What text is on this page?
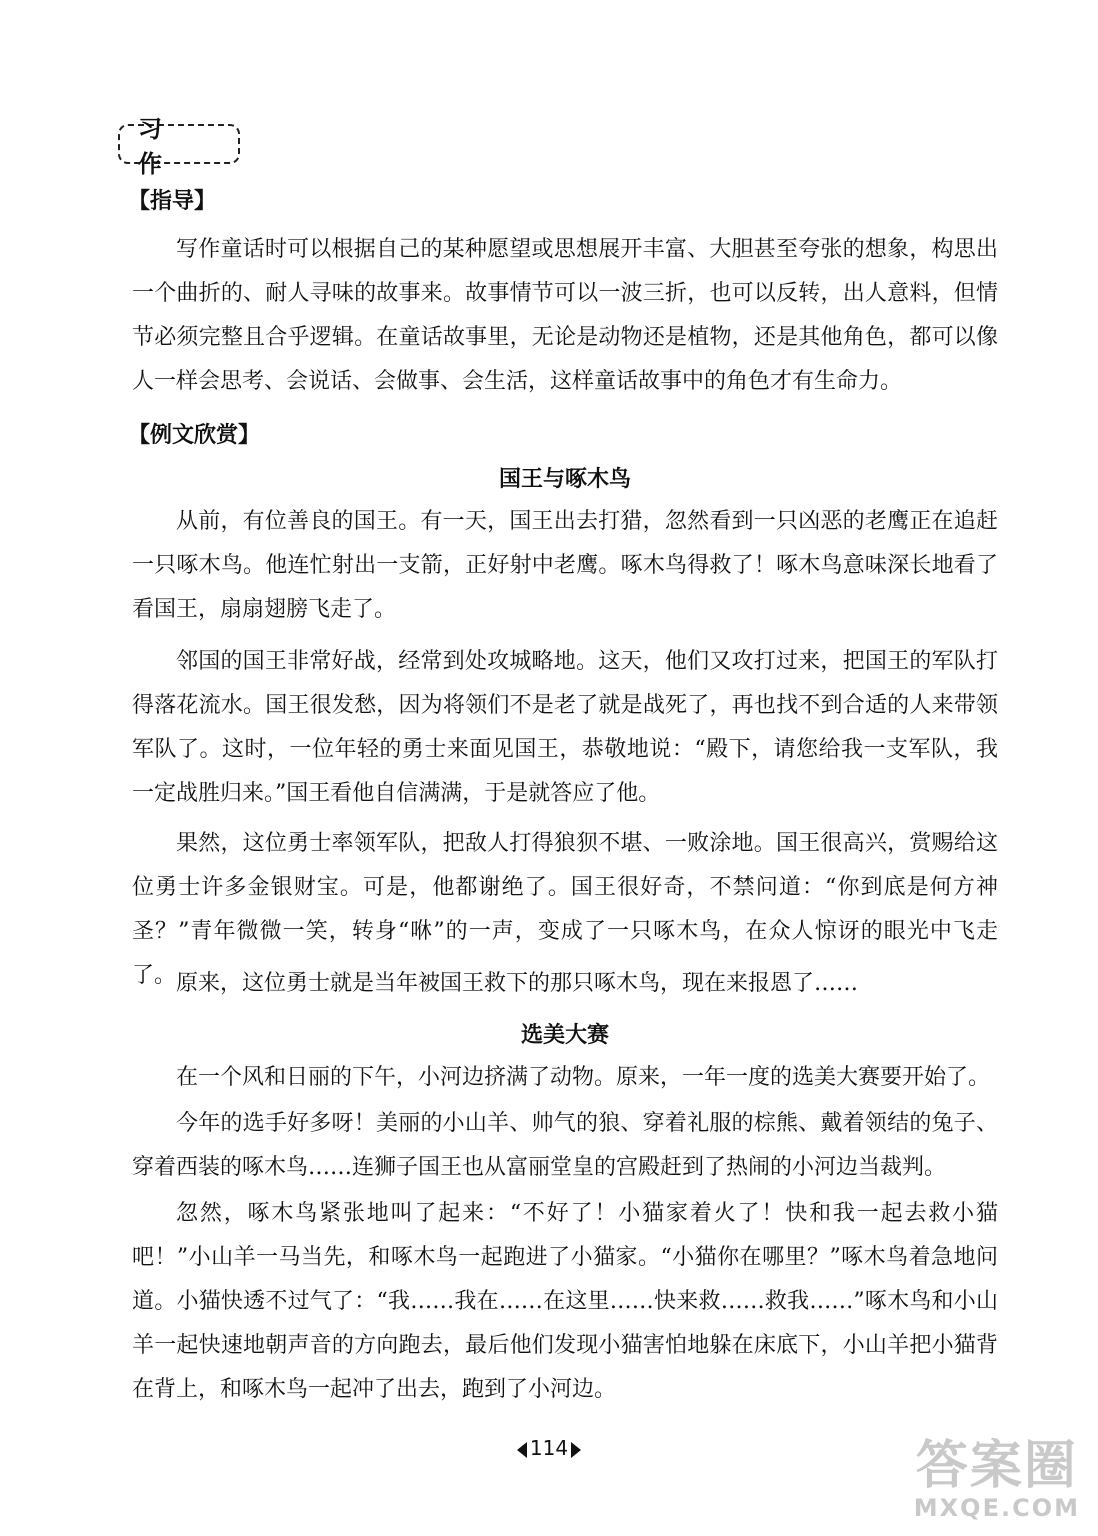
习 作
【指导】

写作童话时可以根据自己的某种愿望或思想展开丰富、大胆甚至夸张的想象，构思出一个曲折的、耐人寻味的故事来。故事情节可以一波三折，也可以反转，出人意料，但情节必须完整且合乎逻辑。在童话故事里，无论是动物还是植物，还是其他角色，都可以像人一样会思考、会说话、会做事、会生活，这样童话故事中的角色才有生命力。

【例文欣赏】
国王与啄木鸟

从前，有位善良的国王。有一天，国王出去打猎，忽然看到一只凶恶的老鹰正在追赶一只啄木鸟。他连忙射出一支箭，正好射中老鹰。啄木鸟得救了！啄木鸟意味深长地看了看国王，扇扇翅膀飞走了。

邻国的国王非常好战，经常到处攻城略地。这天，他们又攻打过来，把国王的军队打得落花流水。国王很发愁，因为将领们不是老了就是战死了，再也找不到合适的人来带领军队了。这时，一位年轻的勇士来面见国王，恭敬地说：“殿下，请您给我一支军队，我一定战胜归来。”国王看他自信满满，于是就答应了他。

果然，这位勇士率领军队，把敌人打得狼狈不堪、一败涂地。国王很高兴，赏赐给这位勇士许多金银财宝。可是，他都谢绝了。国王很好奇，不禁问道：“你到底是何方神圣？”青年微微一笑，转身“咻”的一声，变成了一只啄木鸟，在众人惊讶的眼光中飞走了。 原来，这位勇士就是当年被国王救下的那只啄木鸟，现在来报恩了……

选美大赛

在一个风和日丽的下午，小河边挤满了动物。原来，一年一度的选美大赛要开始了。

今年的选手好多呀！美丽的小山羊、帅气的狼、穿着礼服的棕熊、戴着领结的兔子、穿着西装的啄木鸟……连狮子国王也从富丽堂皇的宫殿赶到了热闹的小河边当裁判。

忽然，啄木鸟紧张地叫了起来：“不好了！小猫家着火了！快和我一起去救小猫吧！”小山羊一马当先，和啄木鸟一起跑进了小猫家。“小猫你在哪里？”啄木鸟着急地问道。小猫快透不过气了：“我……我在……在这里……快来救……救我……”啄木鸟和小山羊一起快速地朝声音的方向跑去，最后他们发现小猫害怕地躲在床底下，小山羊把小猫背在背上，和啄木鸟一起冲了出去，跑到了小河边。

114	答案圈
MXQE.COM
